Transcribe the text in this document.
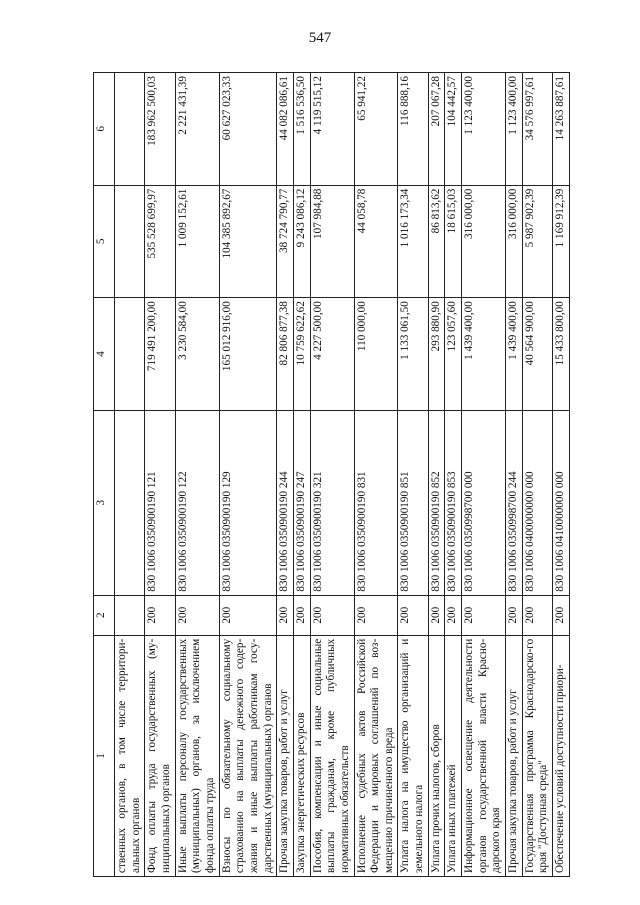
547
1	2	3	4	5	6
ственных органов, в том числе территори-альных органов					
Фонд оплаты труда государственных (му-ниципальных) органов	200	830 1006 0350900190 121	719 491 200,00	535 528 699,97	183 962 500,03
Иные выплаты персоналу государственных (муниципальных) органов, за исключением фонда оплаты труда	200	830 1006 0350900190 122	3 230 584,00	1 009 152,61	2 221 431,39
Взносы по обязательному социальному страхованию на выплаты денежного содер-жания и иные выплаты работникам госу-дарственных (муниципальных) органов	200	830 1006 0350900190 129	165 012 916,00	104 385 892,67	60 627 023,33
Прочая закупка товаров, работ и услуг	200	830 1006 0350900190 244	82 806 877,38	38 724 790,77	44 082 086,61
Закупка энергетических ресурсов	200	830 1006 0350900190 247	10 759 622,62	9 243 086,12	1 516 536,50
Пособия, компенсации и иные социальные выплаты гражданам, кроме публичных нормативных обязательств	200	830 1006 0350900190 321	4 227 500,00	107 984,88	4 119 515,12
Исполнение судебных актов Российской Федерации и мировых соглашений по воз-мещению причиненного вреда	200	830 1006 0350900190 831	110 000,00	44 058,78	65 941,22
Уплата налога на имущество организаций и земельного налога	200	830 1006 0350900190 851	1 133 061,50	1 016 173,34	116 888,16
Уплата прочих налогов, сборов	200	830 1006 0350900190 852	293 880,90	86 813,62	207 067,28
Уплата иных платежей	200	830 1006 0350900190 853	123 057,60	18 615,03	104 442,57
Информационное освещение деятельности органов государственной власти Красно-дарского края	200	830 1006 0350998700 000	1 439 400,00	316 000,00	1 123 400,00
Прочая закупка товаров, работ и услуг	200	830 1006 0350998700 244	1 439 400,00	316 000,00	1 123 400,00
Государственная программа Краснодарско-го края "Доступная среда"	200	830 1006 0400000000 000	40 564 900,00	5 987 902,39	34 576 997,61
Обеспечение условий доступности приори-	200	830 1006 0410000000 000	15 433 800,00	1 169 912,39	14 263 887,61
